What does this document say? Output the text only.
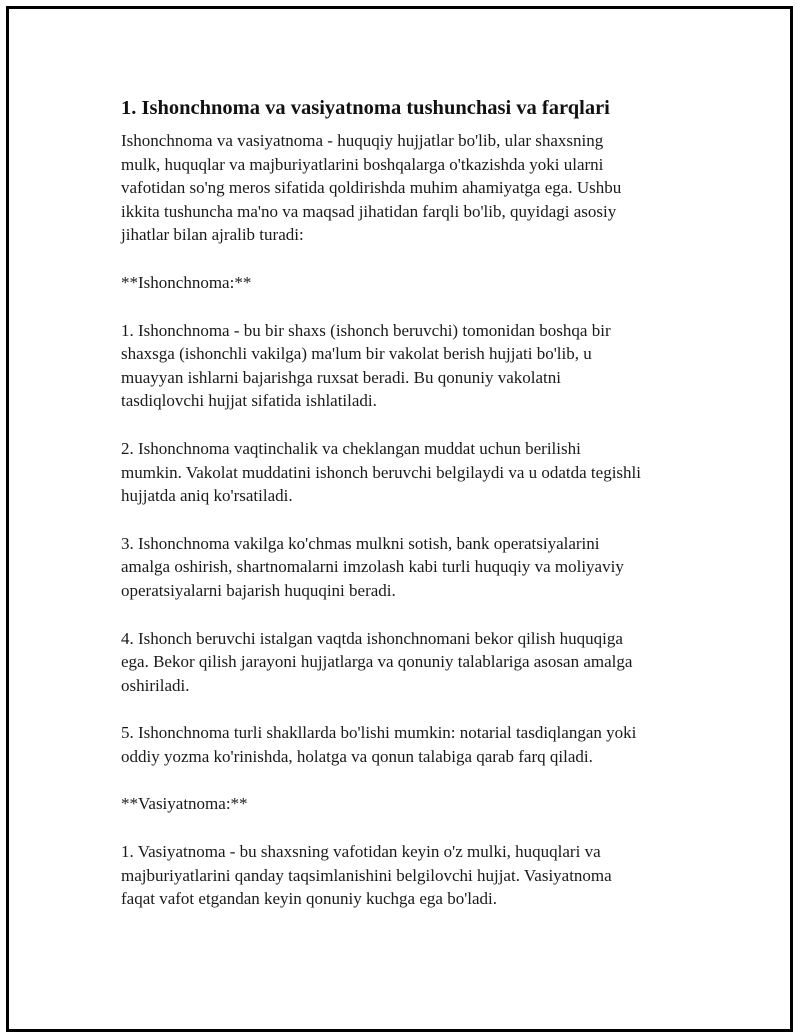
1. Ishonchnoma va vasiyatnoma tushunchasi va farqlari

Ishonchnoma va vasiyatnoma - huquqiy hujjatlar bo'lib, ular shaxsning
mulk, huquqlar va majburiyatlarini boshqalarga o'tkazishda yoki ularni
vafotidan so'ng meros sifatida qoldirishda muhim ahamiyatga ega. Ushbu
ikkita tushuncha ma'no va maqsad jihatidan farqli bo'lib, quyidagi asosiy
jihatlar bilan ajralib turadi:

**Ishonchnoma:**

1. Ishonchnoma - bu bir shaxs (ishonch beruvchi) tomonidan boshqa bir
shaxsga (ishonchli vakilga) ma'lum bir vakolat berish hujjati bo'lib, u
muayyan ishlarni bajarishga ruxsat beradi. Bu qonuniy vakolatni
tasdiqlovchi hujjat sifatida ishlatiladi.

2. Ishonchnoma vaqtinchalik va cheklangan muddat uchun berilishi
mumkin. Vakolat muddatini ishonch beruvchi belgilaydi va u odatda tegishli
hujjatda aniq ko'rsatiladi.

3. Ishonchnoma vakilga ko'chmas mulkni sotish, bank operatsiyalarini
amalga oshirish, shartnomalarni imzolash kabi turli huquqiy va moliyaviy
operatsiyalarni bajarish huquqini beradi.

4. Ishonch beruvchi istalgan vaqtda ishonchnomani bekor qilish huquqiga
ega. Bekor qilish jarayoni hujjatlarga va qonuniy talablariga asosan amalga
oshiriladi.

5. Ishonchnoma turli shakllarda bo'lishi mumkin: notarial tasdiqlangan yoki
oddiy yozma ko'rinishda, holatga va qonun talabiga qarab farq qiladi.

**Vasiyatnoma:**

1. Vasiyatnoma - bu shaxsning vafotidan keyin o'z mulki, huquqlari va
majburiyatlarini qanday taqsimlanishini belgilovchi hujjat. Vasiyatnoma
faqat vafot etgandan keyin qonuniy kuchga ega bo'ladi.
